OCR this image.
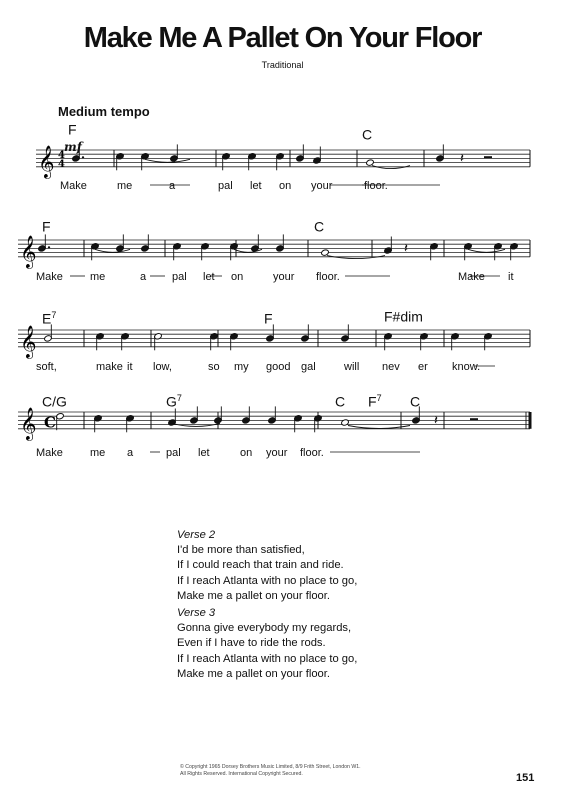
Make Me A Pallet On Your Floor
Traditional
Medium tempo
mf
F	C
F	C
$E^7$	F	F#dim
C/G	$G^7$	C $F^7$ C
Make	me	a	pal let on your	floor.
Make me	a pal let on	your floor.	Make it
soft,	make it low,	so my good gal	will nev er know.
Make me a	pal let	on your floor.
𝄞 4
4
𝄞
𝄞
𝄞 C
𝄽
𝄽
𝄽
Verse 2
I'd be more than satisfied,
If I could reach that train and ride.
If I reach Atlanta with no place to go,
Make me a pallet on your floor.
Verse 3
Gonna give everybody my regards,
Even if I have to ride the rods.
If I reach Atlanta with no place to go,
Make me a pallet on your floor.
© Copyright 1965 Dorsey Brothers Music Limited, 8/9 Frith Street, London W1.
All Rights Reserved. International Copyright Secured.	151
